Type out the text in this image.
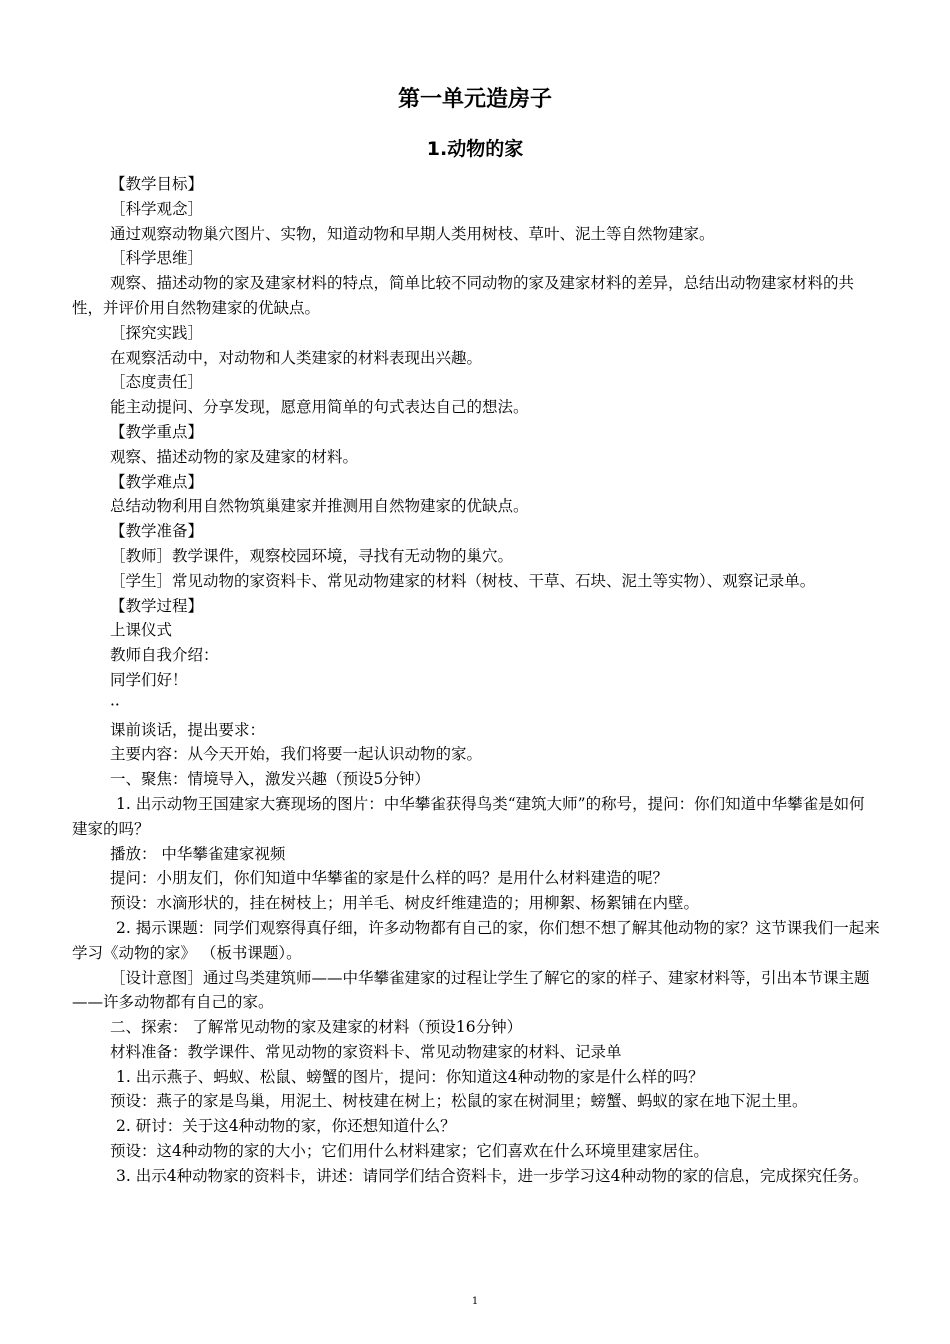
第一单元造房子
1.动物的家

【教学目标】

［科学观念］

通过观察动物巢穴图片、实物，知道动物和早期人类用树枝、草叶、泥土等自然物建家。

［科学思维］

观察、描述动物的家及建家材料的特点，简单比较不同动物的家及建家材料的差异，总结出动物建家材料的共性，并评价用自然物建家的优缺点。

［探究实践］

在观察活动中，对动物和人类建家的材料表现出兴趣。

［态度责任］

能主动提问、分享发现，愿意用简单的句式表达自己的想法。

【教学重点】

观察、描述动物的家及建家的材料。

【教学难点】

总结动物利用自然物筑巢建家并推测用自然物建家的优缺点。

【教学准备】

［教师］教学课件，观察校园环境，寻找有无动物的巢穴。

［学生］常见动物的家资料卡、常见动物建家的材料（树枝、干草、石块、泥土等实物）、观察记录单。

【教学过程】

上课仪式

教师自我介绍：

同学们好！

··

课前谈话，提出要求：

主要内容：从今天开始，我们将要一起认识动物的家。

一、聚焦：情境导入，激发兴趣（预设5分钟）

1. 出示动物王国建家大赛现场的图片：中华攀雀获得鸟类“建筑大师”的称号，提问：你们知道中华攀雀是如何建家的吗？

播放： 中华攀雀建家视频

提问：小朋友们，你们知道中华攀雀的家是什么样的吗？是用什么材料建造的呢？

预设：水滴形状的，挂在树枝上；用羊毛、树皮纤维建造的；用柳絮、杨絮铺在内壁。

2. 揭示课题：同学们观察得真仔细，许多动物都有自己的家，你们想不想了解其他动物的家？这节课我们一起来学习《动物的家》 （板书课题）。

［设计意图］通过鸟类建筑师——中华攀雀建家的过程让学生了解它的家的样子、建家材料等，引出本节课主题——许多动物都有自己的家。

二、探索： 了解常见动物的家及建家的材料（预设16分钟）

材料准备：教学课件、常见动物的家资料卡、常见动物建家的材料、记录单

1. 出示燕子、蚂蚁、松鼠、螃蟹的图片，提问：你知道这4种动物的家是什么样的吗？

预设：燕子的家是鸟巢，用泥土、树枝建在树上；松鼠的家在树洞里；螃蟹、蚂蚁的家在地下泥土里。

2. 研讨：关于这4种动物的家，你还想知道什么？

预设：这4种动物的家的大小；它们用什么材料建家；它们喜欢在什么环境里建家居住。

3. 出示4种动物家的资料卡，讲述：请同学们结合资料卡，进一步学习这4种动物的家的信息，完成探究任务。

1
